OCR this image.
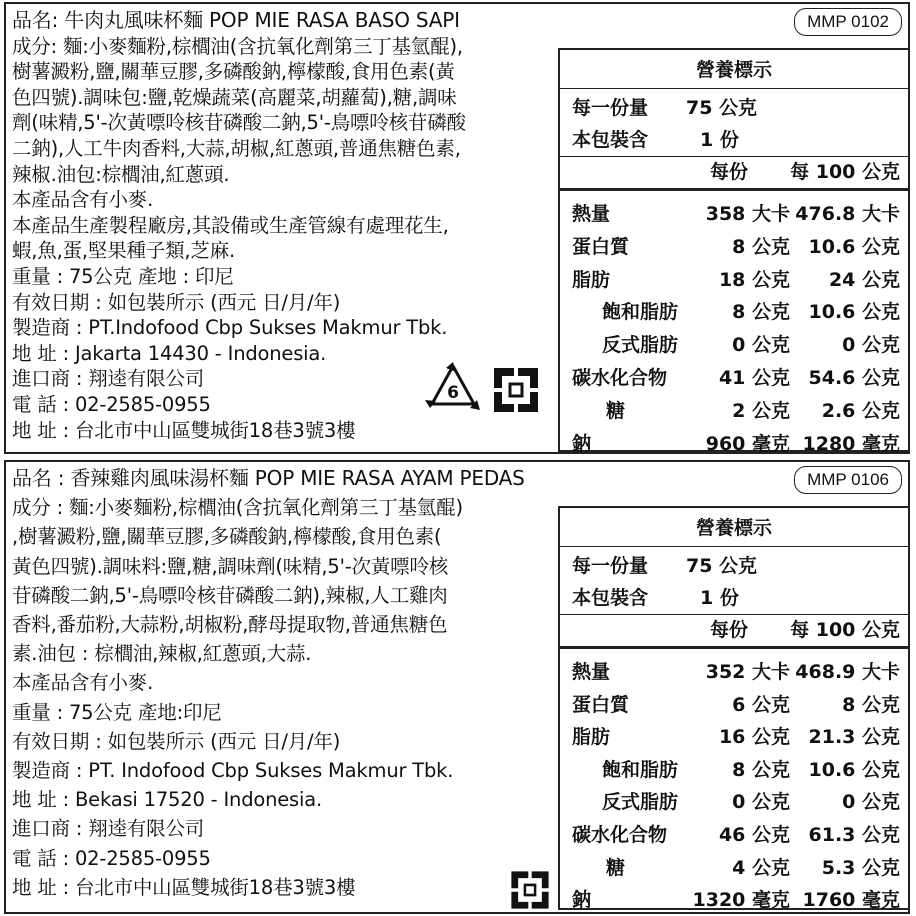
MMP 0102
品名: 牛肉丸風味杯麵 POP MIE RASA BASO SAPI
成分: 麵:小麥麵粉,棕櫚油(含抗氧化劑第三丁基氫醌),
樹薯澱粉,鹽,關華豆膠,多磷酸鈉,檸檬酸,食用色素(黃
色四號).調味包:鹽,乾燥蔬菜(高麗菜,胡蘿蔔),糖,調味
劑(味精,5'-次黃嘌呤核苷磷酸二鈉,5'-鳥嘌呤核苷磷酸
二鈉),人工牛肉香料,大蒜,胡椒,紅蔥頭,普通焦糖色素,
辣椒.油包:棕櫚油,紅蔥頭.
本產品含有小麥.
本產品生產製程廠房,其設備或生產管線有處理花生,
蝦,魚,蛋,堅果種子類,芝麻.
重量 : 75公克 產地 : 印尼
有效日期 : 如包裝所示 (西元 日/月/年)
製造商 : PT.Indofood Cbp Sukses Makmur Tbk.
地 址 : Jakarta 14430 - Indonesia.
進口商 : 翔逵有限公司
電 話 : 02-2585-0955
地 址 : 台北市中山區雙城街18巷3號3樓
營養標示
每一份量 75 公克
本包裝含	1 份
每份 每 100 公克
熱量	358 大卡 476.8 大卡
蛋白質	8 公克 10.6 公克
脂肪	18 公克 24 公克
飽和脂肪	8 公克 10.6 公克
反式脂肪	0 公克	0 公克
碳水化合物	41 公克 54.6 公克
糖	2 公克 2.6 公克
鈉	960 毫克 1280 毫克
6
MMP 0106
品名 : 香辣雞肉風味湯杯麵 POP MIE RASA AYAM PEDAS
成分 : 麵:小麥麵粉,棕櫚油(含抗氧化劑第三丁基氫醌)
,樹薯澱粉,鹽,關華豆膠,多磷酸鈉,檸檬酸,食用色素(
黃色四號).調味料:鹽,糖,調味劑(味精,5'-次黃嘌呤核
苷磷酸二鈉,5'-鳥嘌呤核苷磷酸二鈉),辣椒,人工雞肉
香料,番茄粉,大蒜粉,胡椒粉,酵母提取物,普通焦糖色
素.油包 : 棕櫚油,辣椒,紅蔥頭,大蒜.
本產品含有小麥.
重量 : 75公克 產地:印尼
有效日期 : 如包裝所示 (西元 日/月/年)
製造商 : PT. Indofood Cbp Sukses Makmur Tbk.
地 址 : Bekasi 17520 - Indonesia.
進口商 : 翔逵有限公司
電 話 : 02-2585-0955
地 址 : 台北市中山區雙城街18巷3號3樓
營養標示
每一份量 75 公克
本包裝含	1 份
每份 每 100 公克
熱量	352 大卡 468.9 大卡
蛋白質	6 公克	8 公克
脂肪	16 公克 21.3 公克
飽和脂肪	8 公克 10.6 公克
反式脂肪	0 公克	0 公克
碳水化合物	46 公克 61.3 公克
糖	4 公克 5.3 公克
鈉	1320 毫克 1760 毫克
